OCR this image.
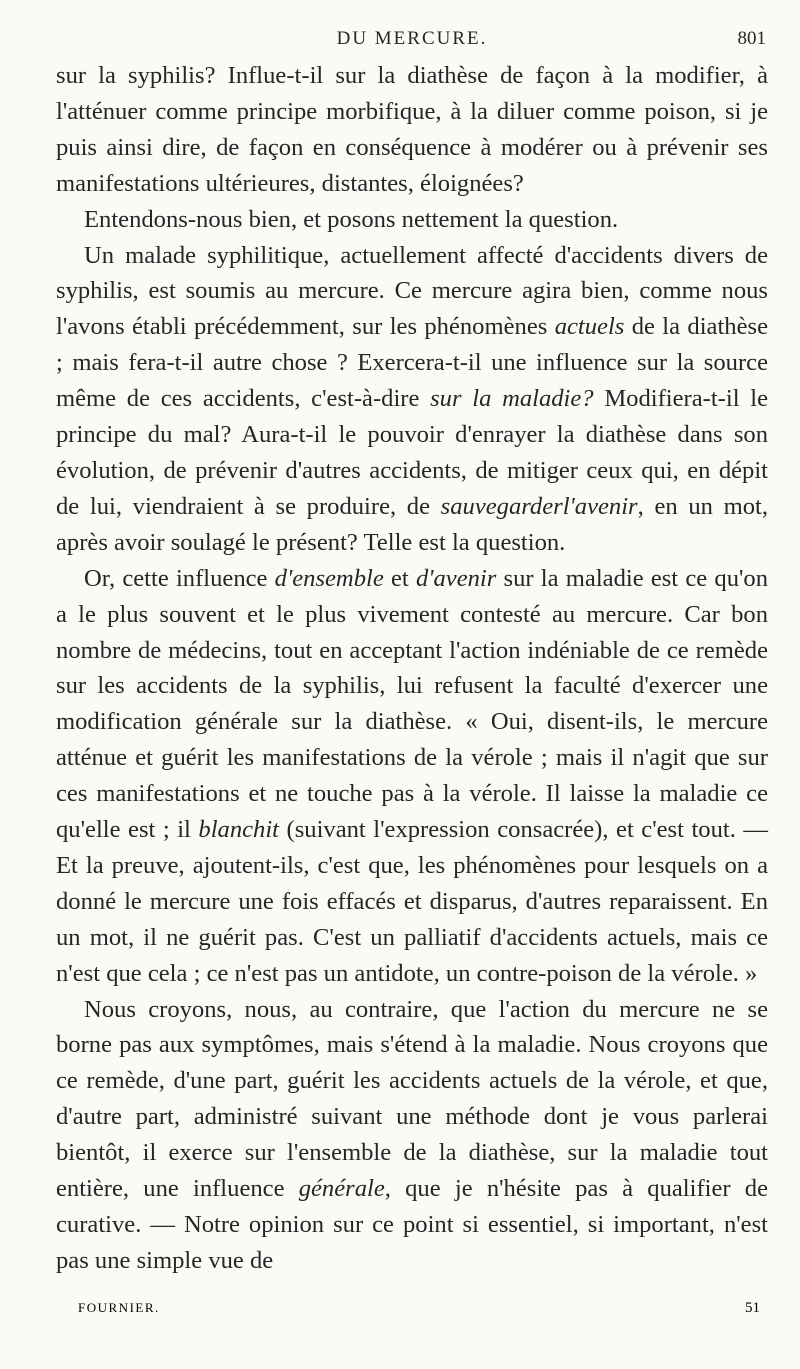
DU MERCURE.	801

sur la syphilis? Influe-t-il sur la diathèse de façon à la modifier, à l'atténuer comme principe morbifique, à la diluer comme poison, si je puis ainsi dire, de façon en conséquence à modérer ou à prévenir ses manifestations ultérieures, distantes, éloignées?

Entendons-nous bien, et posons nettement la question.

Un malade syphilitique, actuellement affecté d'accidents divers de syphilis, est soumis au mercure. Ce mercure agira bien, comme nous l'avons établi précédemment, sur les phénomènes actuels de la diathèse ; mais fera-t-il autre chose ? Exercera-t-il une influence sur la source même de ces accidents, c'est-à-dire sur la maladie? Modifiera-t-il le principe du mal? Aura-t-il le pouvoir d'enrayer la diathèse dans son évolution, de prévenir d'autres accidents, de mitiger ceux qui, en dépit de lui, viendraient à se produire, de sauvegarderl'avenir, en un mot, après avoir soulagé le présent? Telle est la question.

Or, cette influence d'ensemble et d'avenir sur la maladie est ce qu'on a le plus souvent et le plus vivement contesté au mercure. Car bon nombre de médecins, tout en acceptant l'action indéniable de ce remède sur les accidents de la syphilis, lui refusent la faculté d'exercer une modification générale sur la diathèse. « Oui, disent-ils, le mercure atténue et guérit les manifestations de la vérole ; mais il n'agit que sur ces manifestations et ne touche pas à la vérole. Il laisse la maladie ce qu'elle est ; il blanchit (suivant l'expression consacrée), et c'est tout. — Et la preuve, ajoutent-ils, c'est que, les phénomènes pour lesquels on a donné le mercure une fois effacés et disparus, d'autres reparaissent. En un mot, il ne guérit pas. C'est un palliatif d'accidents actuels, mais ce n'est que cela ; ce n'est pas un antidote, un contre-poison de la vérole. »

Nous croyons, nous, au contraire, que l'action du mercure ne se borne pas aux symptômes, mais s'étend à la maladie. Nous croyons que ce remède, d'une part, guérit les accidents actuels de la vérole, et que, d'autre part, administré suivant une méthode dont je vous parlerai bientôt, il exerce sur l'ensemble de la diathèse, sur la maladie tout entière, une influence générale, que je n'hésite pas à qualifier de curative. — Notre opinion sur ce point si essentiel, si important, n'est pas une simple vue de

FOURNIER.	51
